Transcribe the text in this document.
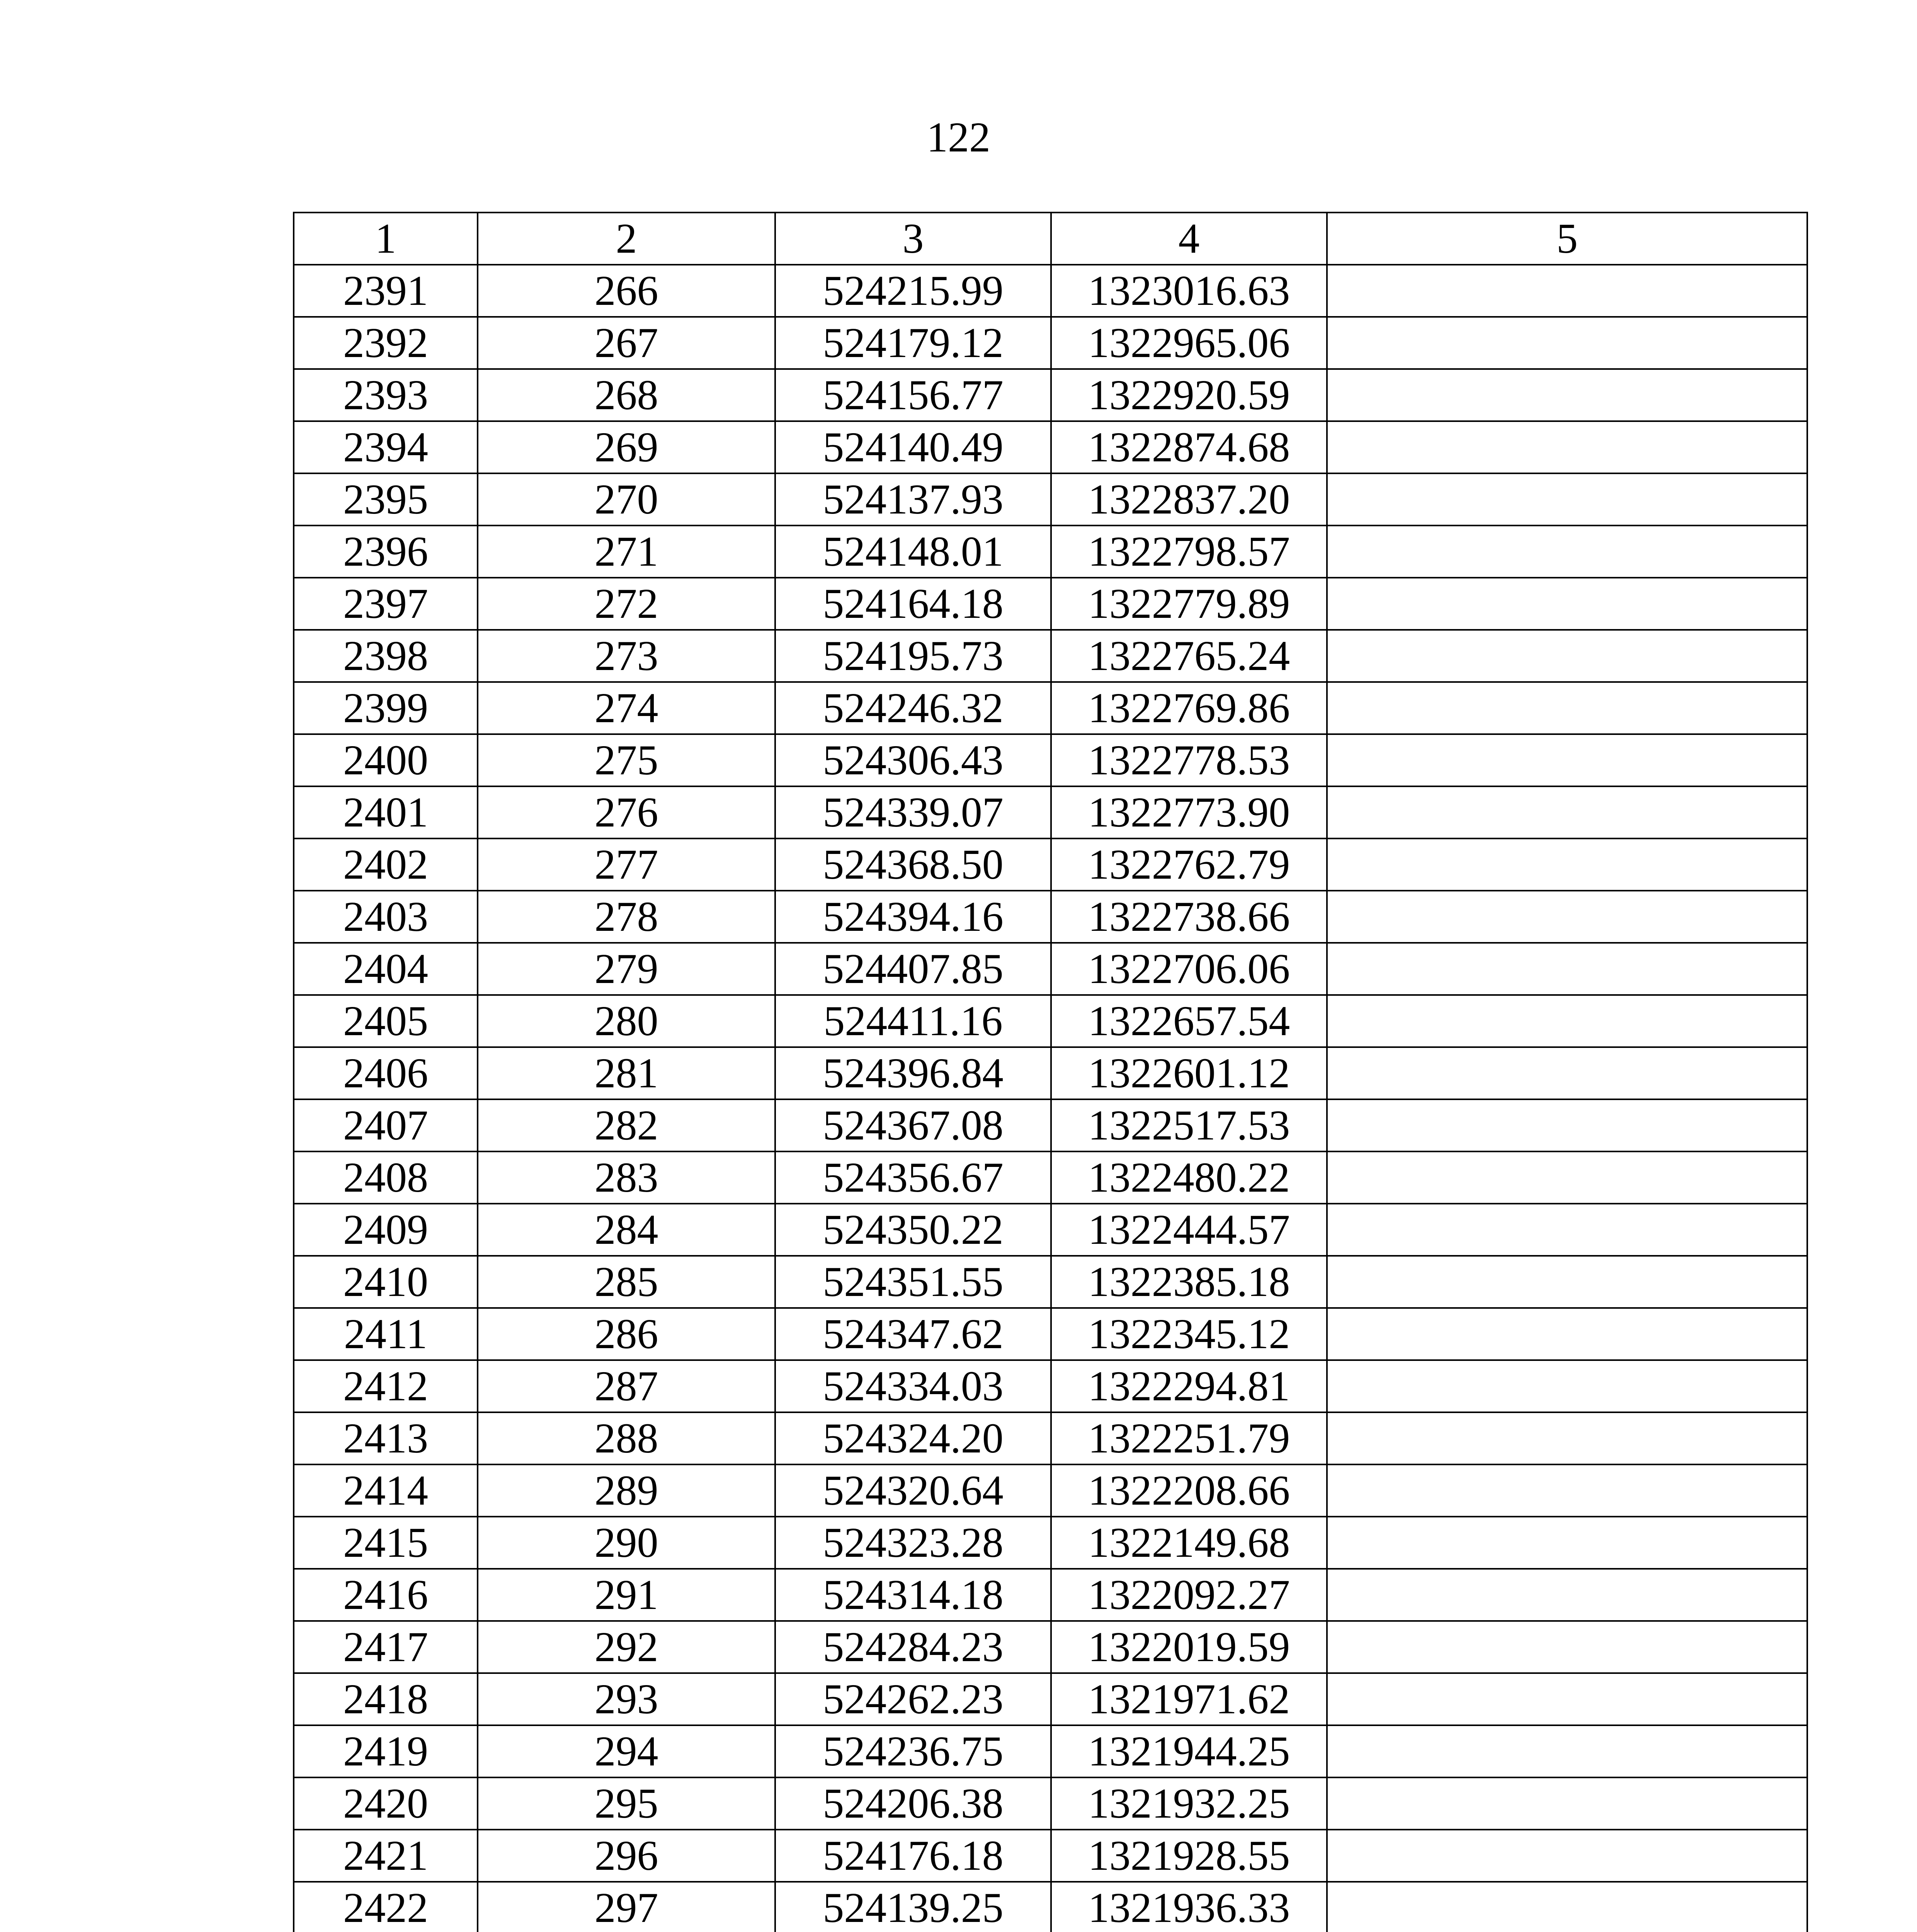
122
1	2	3	4	5
2391	266	524215.99	1323016.63	
2392	267	524179.12	1322965.06	
2393	268	524156.77	1322920.59	
2394	269	524140.49	1322874.68	
2395	270	524137.93	1322837.20	
2396	271	524148.01	1322798.57	
2397	272	524164.18	1322779.89	
2398	273	524195.73	1322765.24	
2399	274	524246.32	1322769.86	
2400	275	524306.43	1322778.53	
2401	276	524339.07	1322773.90	
2402	277	524368.50	1322762.79	
2403	278	524394.16	1322738.66	
2404	279	524407.85	1322706.06	
2405	280	524411.16	1322657.54	
2406	281	524396.84	1322601.12	
2407	282	524367.08	1322517.53	
2408	283	524356.67	1322480.22	
2409	284	524350.22	1322444.57	
2410	285	524351.55	1322385.18	
2411	286	524347.62	1322345.12	
2412	287	524334.03	1322294.81	
2413	288	524324.20	1322251.79	
2414	289	524320.64	1322208.66	
2415	290	524323.28	1322149.68	
2416	291	524314.18	1322092.27	
2417	292	524284.23	1322019.59	
2418	293	524262.23	1321971.62	
2419	294	524236.75	1321944.25	
2420	295	524206.38	1321932.25	
2421	296	524176.18	1321928.55	
2422	297	524139.25	1321936.33	
